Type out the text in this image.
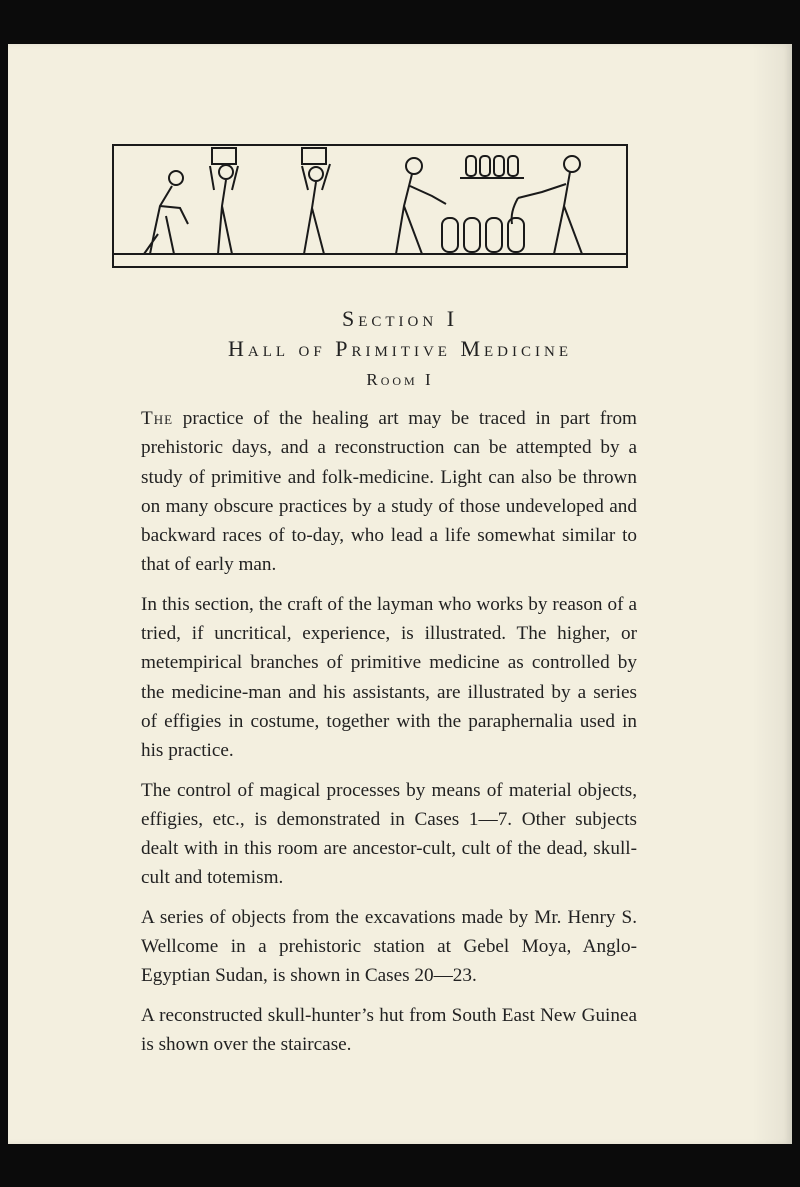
Section I
Hall of Primitive Medicine
Room I

The practice of the healing art may be traced in part from prehistoric days, and a reconstruction can be attempted by a study of primitive and folk-medicine. Light can also be thrown on many obscure practices by a study of those undeveloped and backward races of to-day, who lead a life somewhat similar to that of early man.

In this section, the craft of the layman who works by reason of a tried, if uncritical, experience, is illustrated. The higher, or metempirical branches of primitive medicine as controlled by the medicine-man and his assistants, are illustrated by a series of effigies in costume, together with the paraphernalia used in his practice.

The control of magical processes by means of material objects, effigies, etc., is demonstrated in Cases 1—7. Other subjects dealt with in this room are ancestor-cult, cult of the dead, skull-cult and totemism.

A series of objects from the excavations made by Mr. Henry S. Wellcome in a prehistoric station at Gebel Moya, Anglo-Egyptian Sudan, is shown in Cases 20—23.

A reconstructed skull-hunter’s hut from South East New Guinea is shown over the staircase.
